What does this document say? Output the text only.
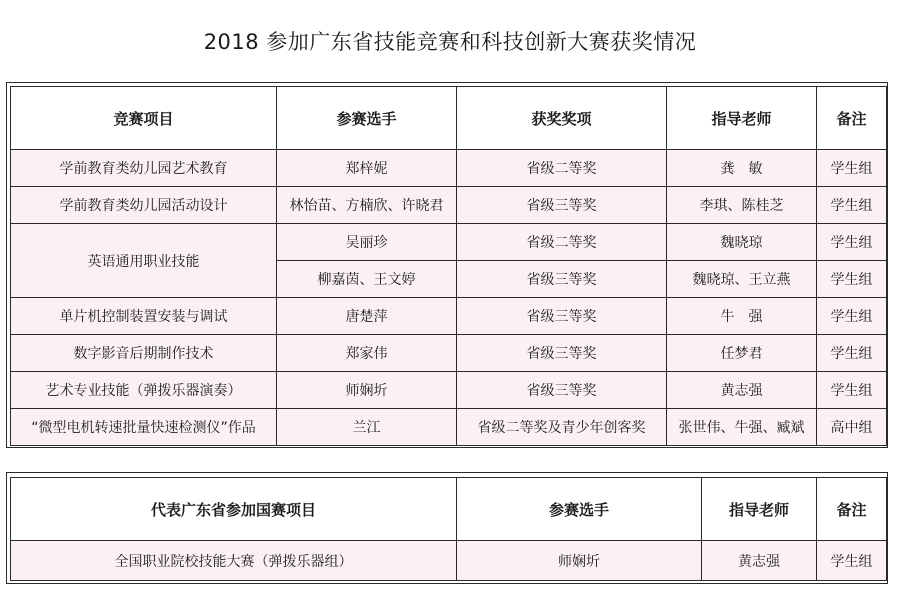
2018 参加广东省技能竞赛和科技创新大赛获奖情况
竞赛项目	参赛选手	获奖奖项	指导老师	备注
学前教育类幼儿园艺术教育	郑梓妮	省级二等奖	龚　敏	学生组
学前教育类幼儿园活动设计	林怡苗、方楠欣、许晓君	省级三等奖	李琪、陈桂芝	学生组
英语通用职业技能	吴丽珍	省级二等奖	魏晓琼	学生组
	柳嘉茵、王文婷	省级三等奖	魏晓琼、王立燕	学生组
单片机控制装置安装与调试	唐楚萍	省级三等奖	牛　强	学生组
数字影音后期制作技术	郑家伟	省级三等奖	任梦君	学生组
艺术专业技能（弹拨乐器演奏）	师娴圻	省级三等奖	黄志强	学生组
“微型电机转速批量快速检测仪”作品	兰江	省级二等奖及青少年创客奖	张世伟、牛强、臧斌	高中组
代表广东省参加国赛项目	参赛选手	指导老师	备注
全国职业院校技能大赛（弹拨乐器组）	师娴圻	黄志强	学生组
